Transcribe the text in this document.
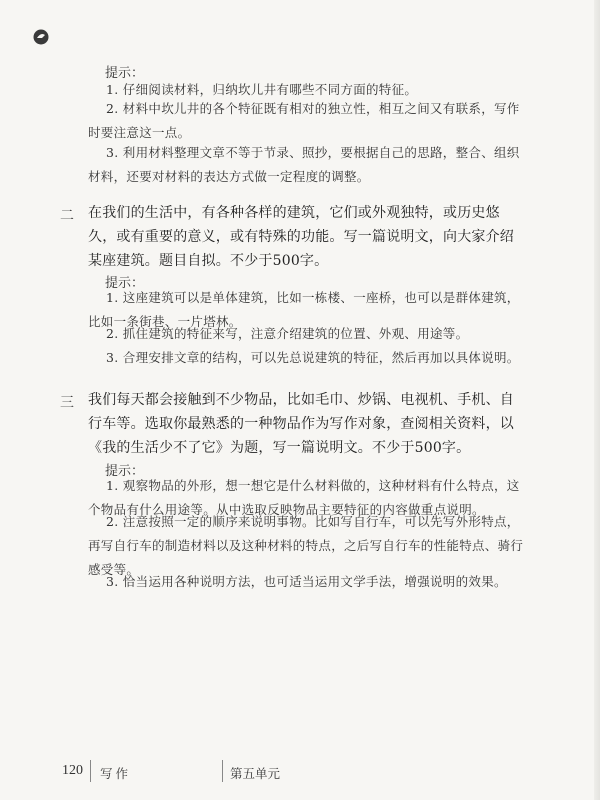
提示：
1. 仔细阅读材料，归纳坎儿井有哪些不同方面的特征。
2. 材料中坎儿井的各个特征既有相对的独立性，相互之间又有联系，写作时要注意这一点。
3. 利用材料整理文章不等于节录、照抄，要根据自己的思路，整合、组织材料，还要对材料的表达方式做一定程度的调整。
二 在我们的生活中，有各种各样的建筑，它们或外观独特，或历史悠久，或有重要的意义，或有特殊的功能。写一篇说明文，向大家介绍某座建筑。题目自拟。不少于500字。
提示：
1. 这座建筑可以是单体建筑，比如一栋楼、一座桥，也可以是群体建筑，比如一条街巷、一片塔林。
2. 抓住建筑的特征来写，注意介绍建筑的位置、外观、用途等。
3. 合理安排文章的结构，可以先总说建筑的特征，然后再加以具体说明。
三 我们每天都会接触到不少物品，比如毛巾、炒锅、电视机、手机、自行车等。选取你最熟悉的一种物品作为写作对象，查阅相关资料，以《我的生活少不了它》为题，写一篇说明文。不少于500字。
提示：
1. 观察物品的外形，想一想它是什么材料做的，这种材料有什么特点，这个物品有什么用途等。从中选取反映物品主要特征的内容做重点说明。
2. 注意按照一定的顺序来说明事物。比如写自行车，可以先写外形特点，再写自行车的制造材料以及这种材料的特点，之后写自行车的性能特点、骑行感受等。
3. 恰当运用各种说明方法，也可适当运用文学手法，增强说明的效果。
120 写作	第五单元
